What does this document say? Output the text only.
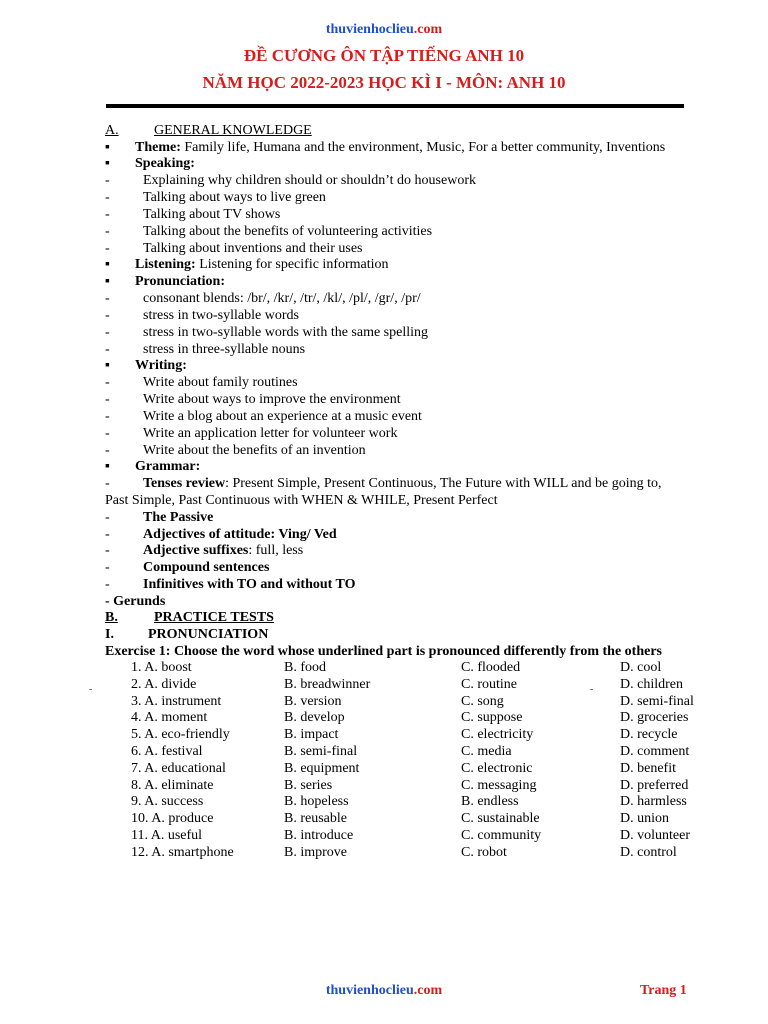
thuvienhoclieu.com
ĐỀ CƯƠNG ÔN TẬP TIẾNG ANH 10
NĂM HỌC 2022-2023 HỌC KÌ I - MÔN: ANH 10
A.	GENERAL KNOWLEDGE
▪ Theme: Family life, Humana and the environment, Music, For a better community, Inventions
▪ Speaking:
- Explaining why children should or shouldn’t do housework
- Talking about ways to live green
- Talking about TV shows
- Talking about the benefits of volunteering activities
- Talking about inventions and their uses
▪ Listening: Listening for specific information
▪ Pronunciation:
- consonant blends: /br/, /kr/, /tr/, /kl/, /pl/, /gr/, /pr/
- stress in two-syllable words
- stress in two-syllable words with the same spelling
- stress in three-syllable nouns
▪ Writing:
- Write about family routines
- Write about ways to improve the environment
- Write a blog about an experience at a music event
- Write an application letter for volunteer work
- Write about the benefits of an invention
▪ Grammar:
- Tenses review: Present Simple, Present Continuous, The Future with WILL and be going to,
Past Simple, Past Continuous with WHEN & WHILE, Present Perfect
- The Passive
- Adjectives of attitude: Ving/ Ved
- Adjective suffixes: full, less
- Compound sentences
- Infinitives with TO and without TO
- Gerunds
B.	PRACTICE TESTS
I. PRONUNCIATION
Exercise 1: Choose the word whose underlined part is pronounced differently from the others
1. A. boost	B. food	C. flooded	D. cool
2. A. divide	B. breadwinner	C. routine	D. children
3. A. instrument	B. version	C. song	D. semi-final
4. A. moment	B. develop	C. suppose	D. groceries
5. A. eco-friendly	B. impact	C. electricity	D. recycle
6. A. festival	B. semi-final	C. media	D. comment
7. A. educational	B. equipment	C. electronic	D. benefit
8. A. eliminate	B. series	C. messaging	D. preferred
9. A. success	B. hopeless	B. endless	D. harmless
10. A. produce	B. reusable	C. sustainable	D. union
11. A. useful	B. introduce	C. community	D. volunteer
12. A. smartphone	B. improve	C. robot	D. control
-	-
thuvienhoclieu.com	Trang 1
